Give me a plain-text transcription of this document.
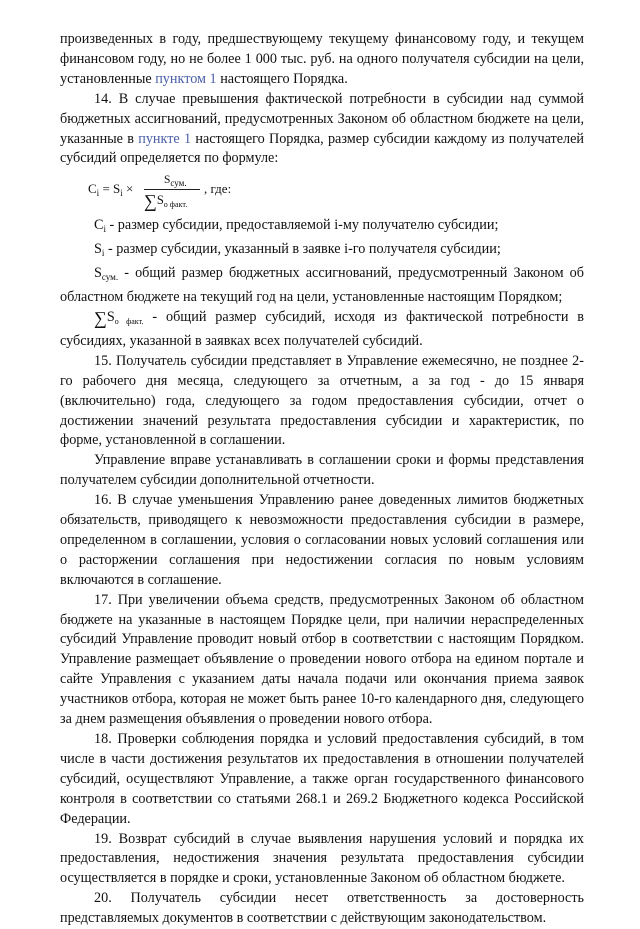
произведенных в году, предшествующему текущему финансовому году, и текущем финансовом году, но не более 1 000 тыс. руб. на одного получателя субсидии на цели, установленные пунктом 1 настоящего Порядка.

14. В случае превышения фактической потребности в субсидии над суммой бюджетных ассигнований, предусмотренных Законом об областном бюджете на цели, указанные в пункте 1 настоящего Порядка, размер субсидии каждому из получателей субсидий определяется по формуле:

$C_i = S_i$ ×
$S_{сум.}$
$\sum S_{о факт.}$
, где:

$C_i$ - размер субсидии, предоставляемой i-му получателю субсидии;

$S_i$ - размер субсидии, указанный в заявке i-го получателя субсидии;

$S_{сум.}$ - общий размер бюджетных ассигнований, предусмотренный Законом об областном бюджете на текущий год на цели, установленные настоящим Порядком;

$\sum S_{о факт.}$ - общий размер субсидий, исходя из фактической потребности в субсидиях, указанной в заявках всех получателей субсидий.

15. Получатель субсидии представляет в Управление ежемесячно, не позднее 2-го рабочего дня месяца, следующего за отчетным, а за год - до 15 января (включительно) года, следующего за годом предоставления субсидии, отчет о достижении значений результата предоставления субсидии и характеристик, по форме, установленной в соглашении.

Управление вправе устанавливать в соглашении сроки и формы представления получателем субсидии дополнительной отчетности.

16. В случае уменьшения Управлению ранее доведенных лимитов бюджетных обязательств, приводящего к невозможности предоставления субсидии в размере, определенном в соглашении, условия о согласовании новых условий соглашения или о расторжении соглашения при недостижении согласия по новым условиям включаются в соглашение.

17. При увеличении объема средств, предусмотренных Законом об областном бюджете на указанные в настоящем Порядке цели, при наличии нераспределенных субсидий Управление проводит новый отбор в соответствии с настоящим Порядком. Управление размещает объявление о проведении нового отбора на едином портале и сайте Управления с указанием даты начала подачи или окончания приема заявок участников отбора, которая не может быть ранее 10-го календарного дня, следующего за днем размещения объявления о проведении нового отбора.

18. Проверки соблюдения порядка и условий предоставления субсидий, в том числе в части достижения результатов их предоставления в отношении получателей субсидий, осуществляют Управление, а также орган государственного финансового контроля в соответствии со статьями 268.1 и 269.2 Бюджетного кодекса Российской Федерации.

19. Возврат субсидий в случае выявления нарушения условий и порядка их предоставления, недостижения значения результата предоставления субсидии осуществляется в порядке и сроки, установленные Законом об областном бюджете.

20. Получатель субсидии несет ответственность за достоверность представляемых документов в соответствии с действующим законодательством.
